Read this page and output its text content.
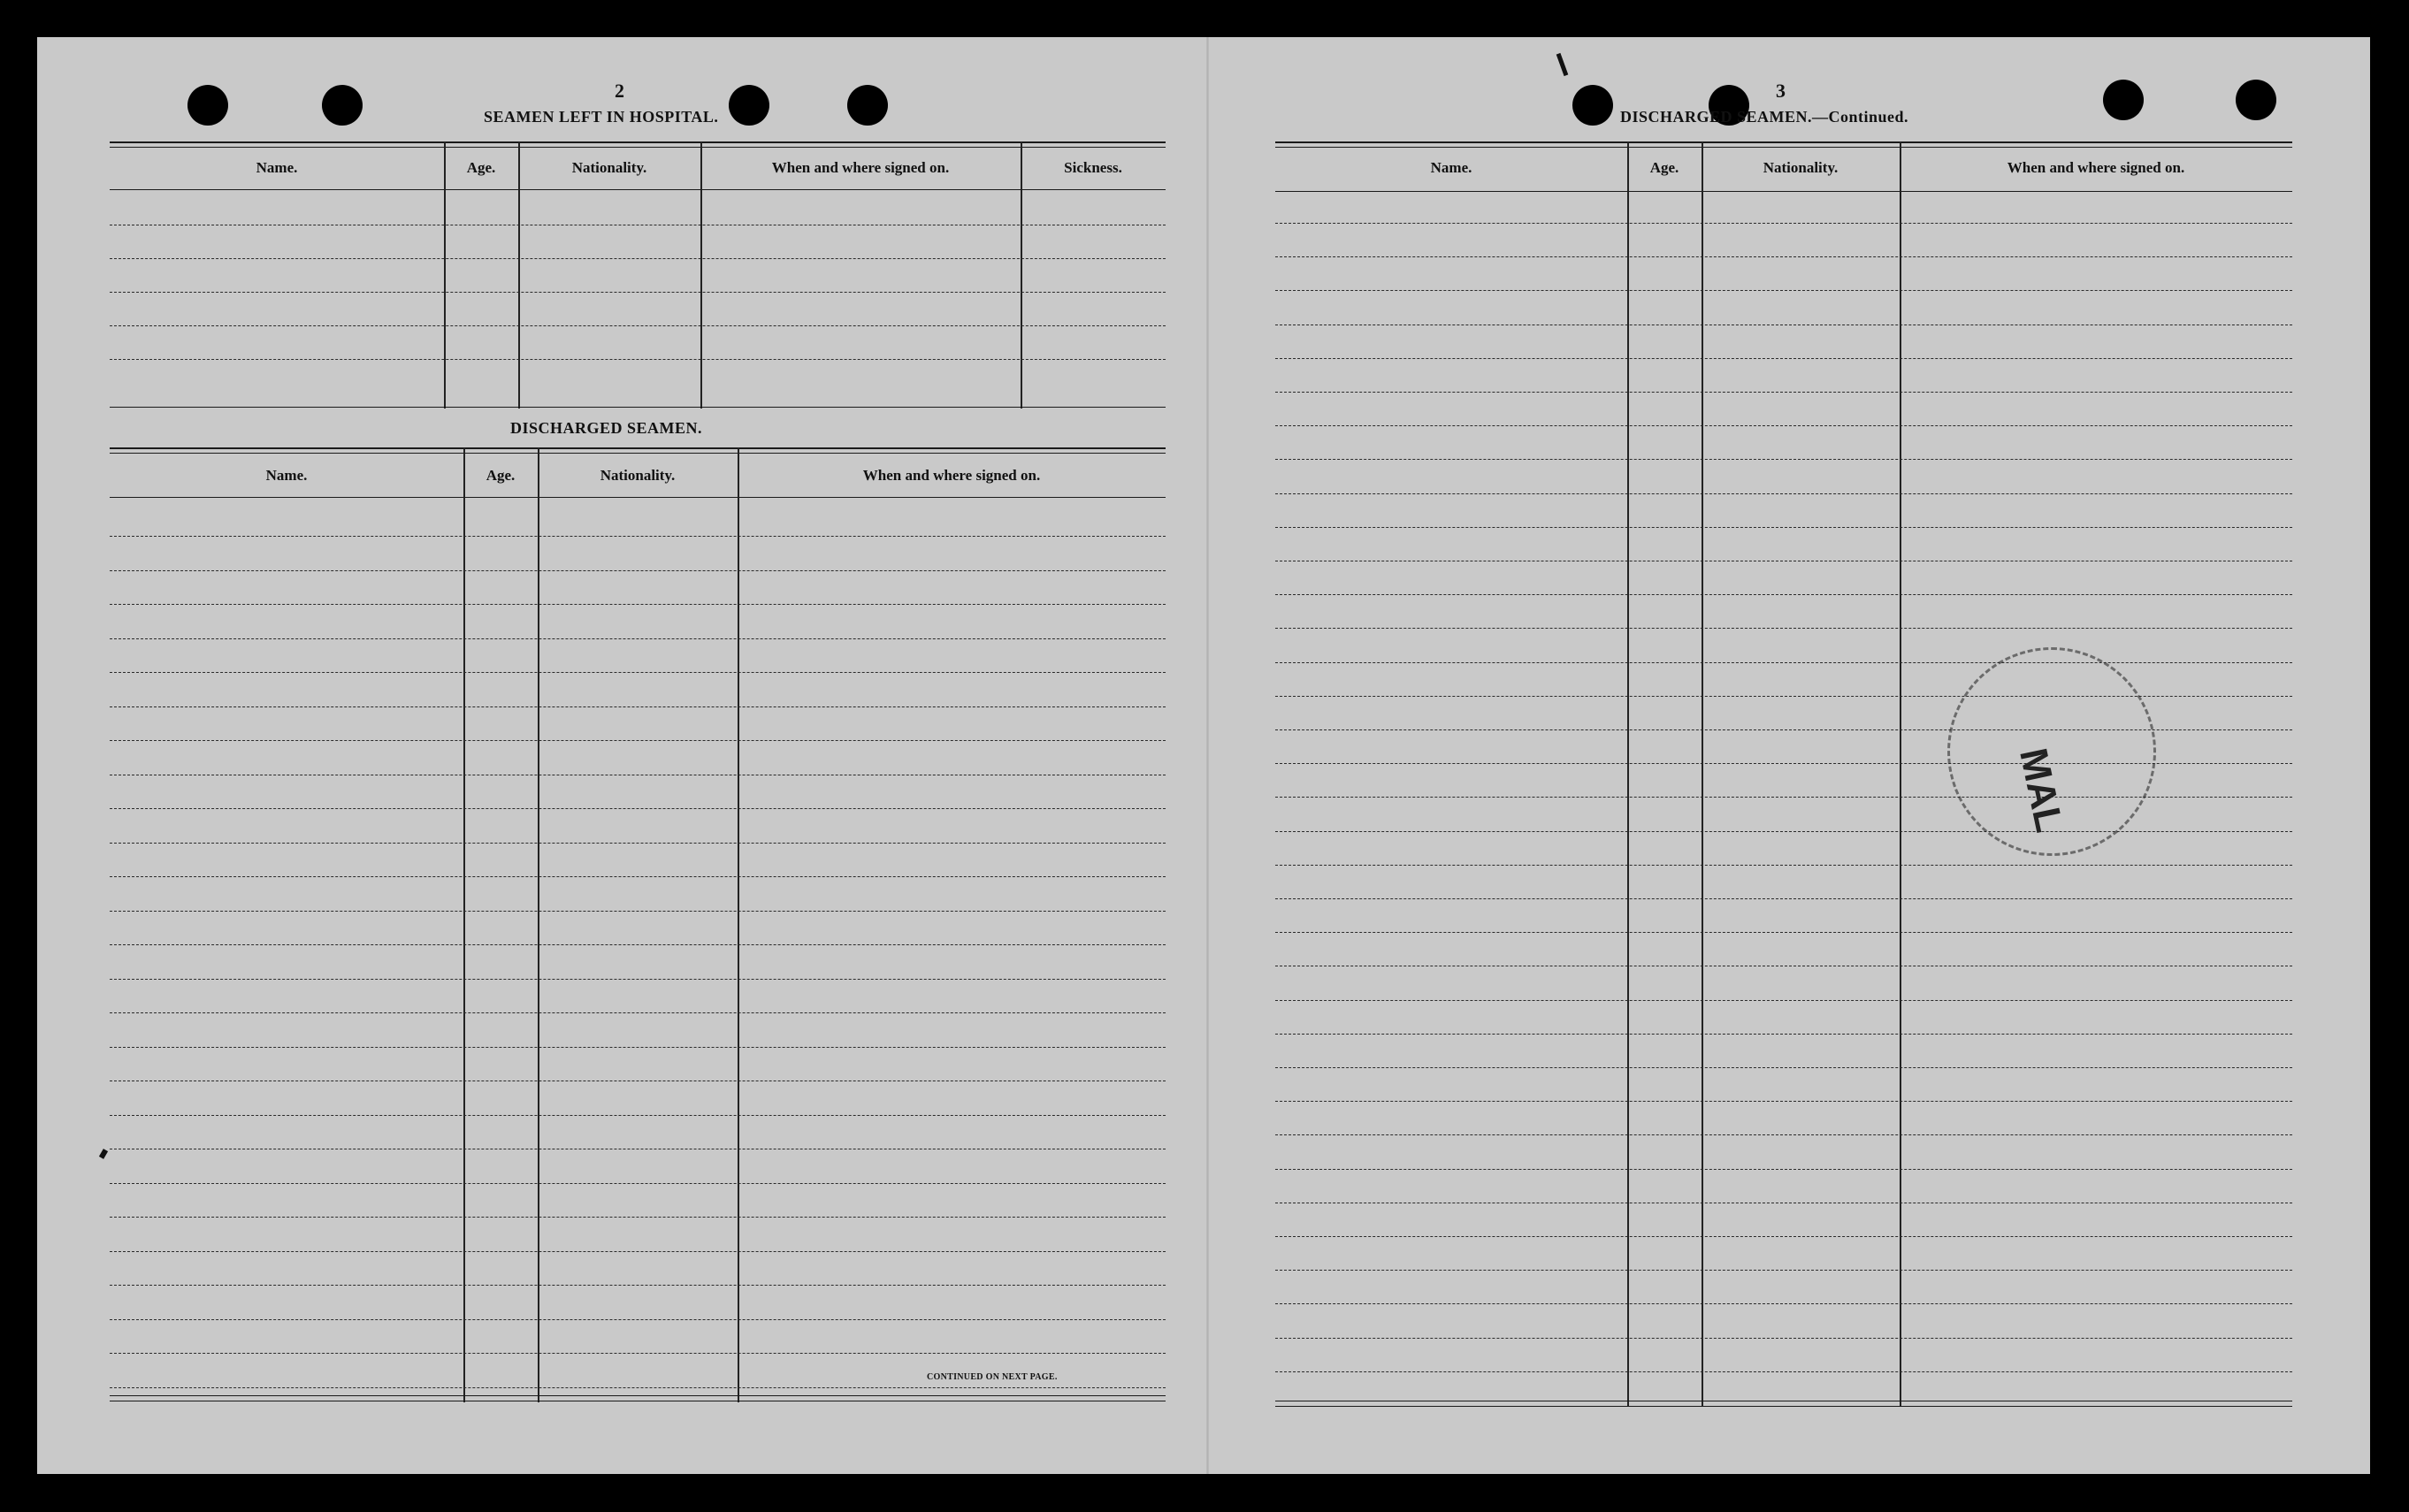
2
SEAMEN LEFT IN HOSPITAL.
Name.	Age.	Nationality.	When and where signed on.	Sickness.
DISCHARGED SEAMEN.
Name.	Age.	Nationality.	When and where signed on.
CONTINUED ON NEXT PAGE.
3
DISCHARGED SEAMEN.—Continued.
Name.	Age.	Nationality.	When and where signed on.
MAL
